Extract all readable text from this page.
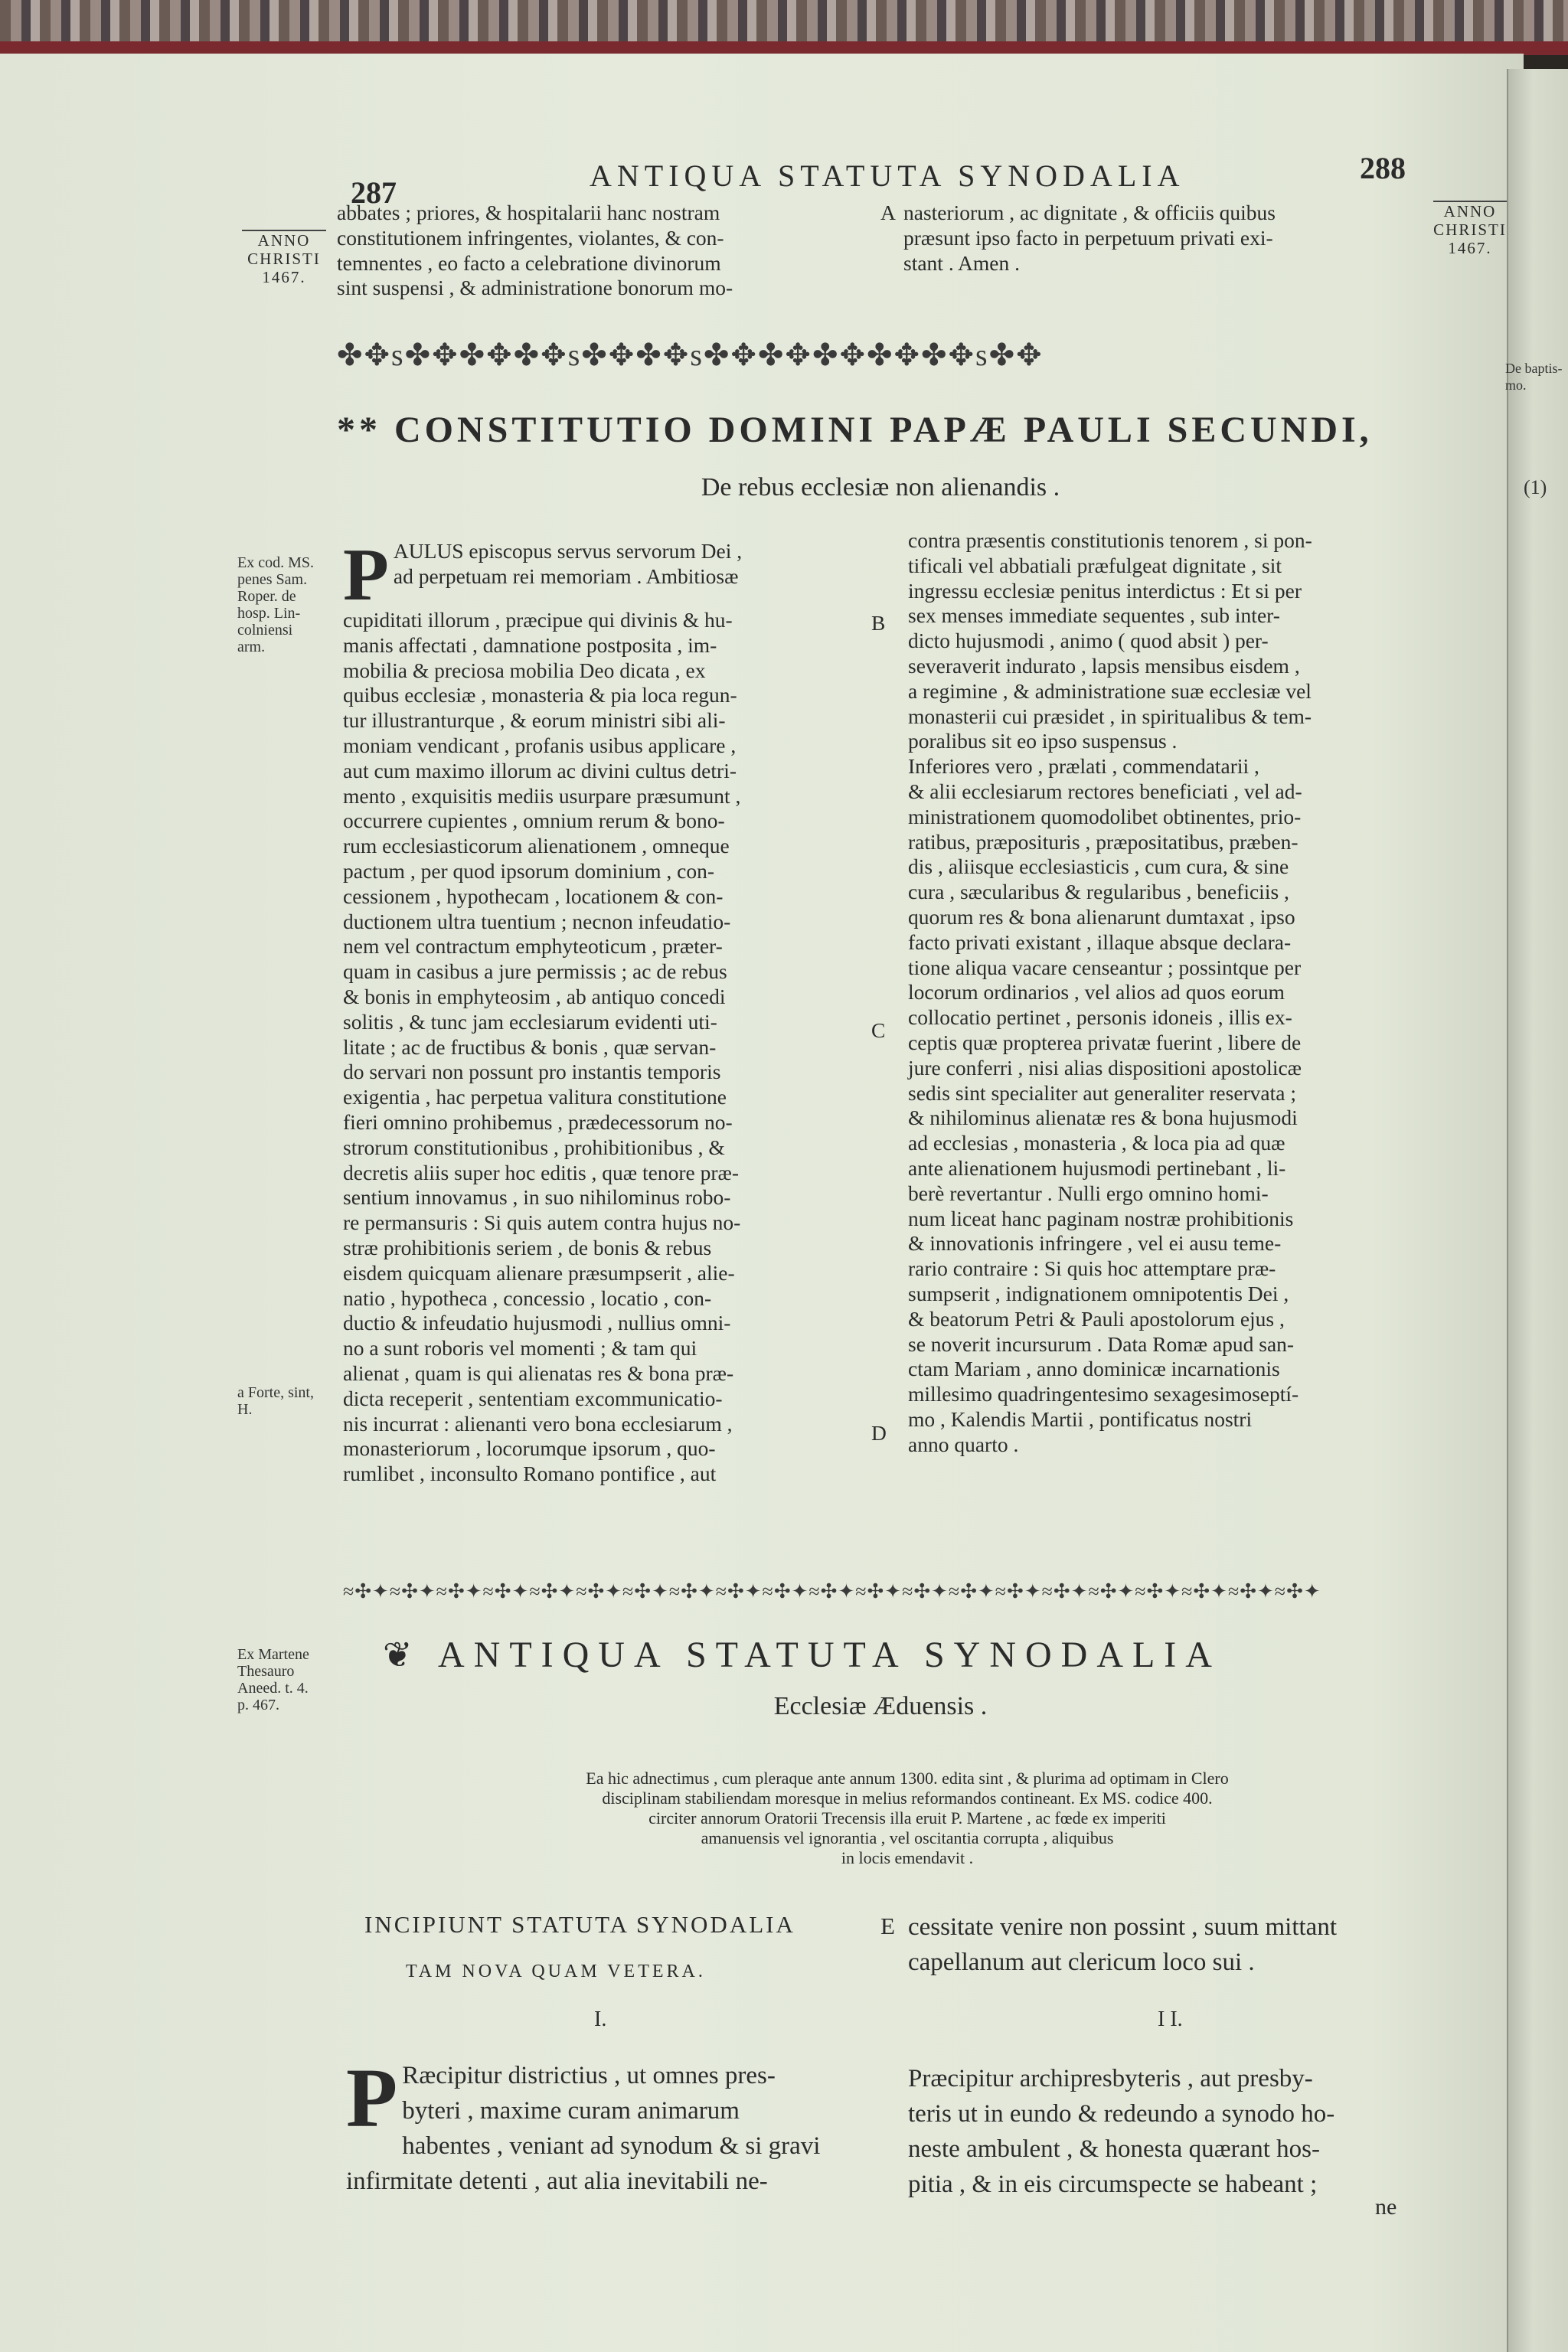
287	ANTIQUA STATUTA SYNODALIA	288
ANNO
CHRISTI
1467.
ANNO
CHRISTI
1467.
abbates ; priores, & hospitalarii hanc nostram
constitutionem infringentes, violantes, & con-
temnentes , eo facto a celebratione divinorum
sint suspensi , & administratione bonorum mo-
A nasteriorum , ac dignitate , & officiis quibus
præsunt ipso facto in perpetuum privati exi-
stant . Amen .
✤✥s✤✥✤✥✤✥s✤✥✤✥s✤✥✤✥✤✥✤✥✤✥s✤✥
** CONSTITUTIO DOMINI PAPÆ PAULI SECUNDI,
De rebus ecclesiæ non alienandis .
De baptis-
mo.
(1)
Ex cod. MS.
penes Sam.
Roper. de
hosp. Lin-
colniensi
arm.
a Forte, sint,
H.
P AULUS episcopus servus servorum Dei ,
ad perpetuam rei memoriam . Ambitiosæ
cupiditati illorum , præcipue qui divinis & hu-
manis affectati , damnatione postposita , im-
mobilia & preciosa mobilia Deo dicata , ex
quibus ecclesiæ , monasteria & pia loca regun-
tur illustranturque , & eorum ministri sibi ali-
moniam vendicant , profanis usibus applicare ,
aut cum maximo illorum ac divini cultus detri-
mento , exquisitis mediis usurpare præsumunt ,
occurrere cupientes , omnium rerum & bono-
rum ecclesiasticorum alienationem , omneque
pactum , per quod ipsorum dominium , con-
cessionem , hypothecam , locationem & con-
ductionem ultra tuentium ; necnon infeudatio-
nem vel contractum emphyteoticum , præter-
quam in casibus a jure permissis ; ac de rebus
& bonis in emphyteosim , ab antiquo concedi
solitis , & tunc jam ecclesiarum evidenti uti-
litate ; ac de fructibus & bonis , quæ servan-
do servari non possunt pro instantis temporis
exigentia , hac perpetua valitura constitutione
fieri omnino prohibemus , prædecessorum no-
strorum constitutionibus , prohibitionibus , &
decretis aliis super hoc editis , quæ tenore præ-
sentium innovamus , in suo nihilominus robo-
re permansuris : Si quis autem contra hujus no-
stræ prohibitionis seriem , de bonis & rebus
eisdem quicquam alienare præsumpserit , alie-
natio , hypotheca , concessio , locatio , con-
ductio & infeudatio hujusmodi , nullius omni-
no a sunt roboris vel momenti ; & tam qui
alienat , quam is qui alienatas res & bona præ-
dicta receperit , sententiam excommunicatio-
nis incurrat : alienanti vero bona ecclesiarum ,
monasteriorum , locorumque ipsorum , quo-
rumlibet , inconsulto Romano pontifice , aut
B
C
D
contra præsentis constitutionis tenorem , si pon-
tificali vel abbatiali præfulgeat dignitate , sit
ingressu ecclesiæ penitus interdictus : Et si per
sex menses immediate sequentes , sub inter-
dicto hujusmodi , animo ( quod absit ) per-
severaverit indurato , lapsis mensibus eisdem ,
a regimine , & administratione suæ ecclesiæ vel
monasterii cui præsidet , in spiritualibus & tem-
poralibus sit eo ipso suspensus .
Inferiores vero , prælati , commendatarii ,
& alii ecclesiarum rectores beneficiati , vel ad-
ministrationem quomodolibet obtinentes, prio-
ratibus, præposituris , præpositatibus, præben-
dis , aliisque ecclesiasticis , cum cura, & sine
cura , sæcularibus & regularibus , beneficiis ,
quorum res & bona alienarunt dumtaxat , ipso
facto privati existant , illaque absque declara-
tione aliqua vacare censeantur ; possintque per
locorum ordinarios , vel alios ad quos eorum
collocatio pertinet , personis idoneis , illis ex-
ceptis quæ propterea privatæ fuerint , libere de
jure conferri , nisi alias dispositioni apostolicæ
sedis sint specialiter aut generaliter reservata ;
& nihilominus alienatæ res & bona hujusmodi
ad ecclesias , monasteria , & loca pia ad quæ
ante alienationem hujusmodi pertinebant , li-
berè revertantur . Nulli ergo omnino homi-
num liceat hanc paginam nostræ prohibitionis
& innovationis infringere , vel ei ausu teme-
rario contraire : Si quis hoc attemptare præ-
sumpserit , indignationem omnipotentis Dei ,
& beatorum Petri & Pauli apostolorum ejus ,
se noverit incursurum . Data Romæ apud san-
ctam Mariam , anno dominicæ incarnationis
millesimo quadringentesimo sexagesimoseptí-
mo , Kalendis Martii , pontificatus nostri
anno quarto .
≈✣✦≈✣✦≈✣✦≈✣✦≈✣✦≈✣✦≈✣✦≈✣✦≈✣✦≈✣✦≈✣✦≈✣✦≈✣✦≈✣✦≈✣✦≈✣✦≈✣✦≈✣✦≈✣✦≈✣✦≈✣✦
Ex Martene
Thesauro
Aneed. t. 4.
p. 467.
❦ ANTIQUA STATUTA SYNODALIA
Ecclesiæ Æduensis .
Ea hic adnectimus , cum pleraque ante annum 1300. edita sint , & plurima ad optimam in Clero
disciplinam stabiliendam moresque in melius reformandos contineant. Ex MS. codice 400.
circiter annorum Oratorii Trecensis illa eruit P. Martene , ac fœde ex imperiti
amanuensis vel ignorantia , vel oscitantia corrupta , aliquibus
in locis emendavit .
INCIPIUNT STATUTA SYNODALIA
TAM NOVA QUAM VETERA.
E cessitate venire non possint , suum mittant
capellanum aut clericum loco sui .
I.	I I.
P Ræcipitur districtius , ut omnes pres-
byteri , maxime curam animarum
habentes , veniant ad synodum & si gravi
infirmitate detenti , aut alia inevitabili ne-
Præcipitur archipresbyteris , aut presby-
teris ut in eundo & redeundo a synodo ho-
neste ambulent , & honesta quærant hos-
pitia , & in eis circumspecte se habeant ;
ne
